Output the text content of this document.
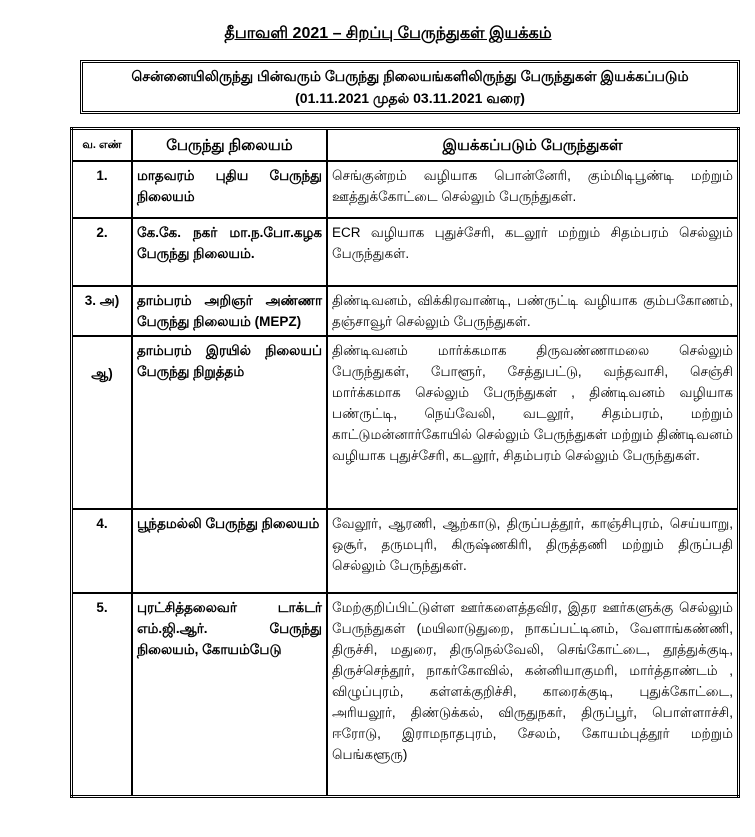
தீபாவளி 2021 – சிறப்பு பேருந்துகள் இயக்கம்
சென்னையிலிருந்து பின்வரும் பேருந்து நிலையங்களிலிருந்து பேருந்துகள் இயக்கப்படும்
(01.11.2021 முதல் 03.11.2021 வரை)
வ. எண்	பேருந்து நிலையம்	இயக்கப்படும் பேருந்துகள்
1.	மாதவரம் புதிய பேருந்து நிலையம்	செங்குன்றம் வழியாக பொன்னேரி, கும்மிடிபூண்டி மற்றும் ஊத்துக்கோட்டை செல்லும் பேருந்துகள்.
2.	கே.கே. நகர் மா.ந.போ.கழக பேருந்து நிலையம்.	ECR வழியாக புதுச்சேரி, கடலூர் மற்றும் சிதம்பரம் செல்லும் பேருந்துகள்.
3. அ)	தாம்பரம் அறிஞர் அண்ணா பேருந்து நிலையம் (MEPZ)	திண்டிவனம், விக்கிரவாண்டி, பண்ருட்டி வழியாக கும்பகோணம், தஞ்சாவூர் செல்லும் பேருந்துகள்.
ஆ)	தாம்பரம் இரயில் நிலையப் பேருந்து நிறுத்தம்	திண்டிவனம் மார்க்கமாக திருவண்ணாமலை செல்லும் பேருந்துகள், போளூர், சேத்துபட்டு, வந்தவாசி, செஞ்சி மார்க்கமாக செல்லும் பேருந்துகள் , திண்டிவனம் வழியாக பண்ருட்டி, நெய்வேலி, வடலூர், சிதம்பரம், மற்றும் காட்டுமன்னார்கோயில் செல்லும் பேருந்துகள் மற்றும் திண்டிவனம் வழியாக புதுச்சேரி, கடலூர், சிதம்பரம் செல்லும் பேருந்துகள்.
4.	பூந்தமல்லி பேருந்து நிலையம்	வேலூர், ஆரணி, ஆற்காடு, திருப்பத்தூர், காஞ்சிபுரம், செய்யாறு, ஒசூர், தருமபுரி, கிருஷ்ணகிரி, திருத்தணி மற்றும் திருப்பதி செல்லும் பேருந்துகள்.
5.	புரட்சித்தலைவர் டாக்டர் எம்.ஜி.ஆர். பேருந்து நிலையம், கோயம்பேடு	மேற்குறிப்பிட்டுள்ள ஊர்களைத்தவிர, இதர ஊர்களுக்கு செல்லும் பேருந்துகள் (மயிலாடுதுறை, நாகப்பட்டினம், வேளாங்கண்ணி, திருச்சி, மதுரை, திருநெல்வேலி, செங்கோட்டை, தூத்துக்குடி, திருச்செந்தூர், நாகர்கோவில், கன்னியாகுமரி, மார்த்தாண்டம் , விழுப்புரம், கள்ளக்குறிச்சி, காரைக்குடி, புதுக்கோட்டை, அரியலூர், திண்டுக்கல், விருதுநகர், திருப்பூர், பொள்ளாச்சி, ஈரோடு, இராமநாதபுரம், சேலம், கோயம்புத்தூர் மற்றும் பெங்களூரு)
